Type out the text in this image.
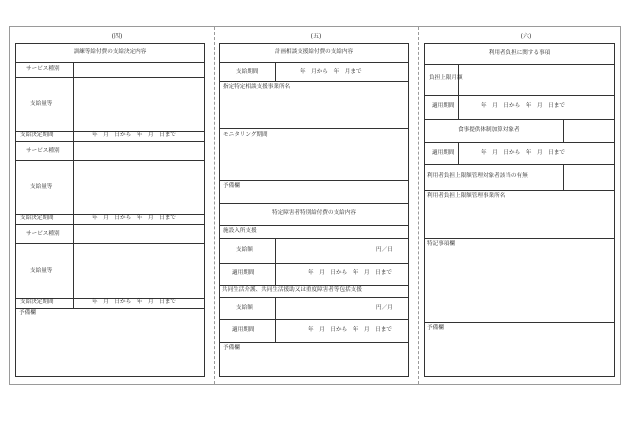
(四)
訓練等給付費の支給決定内容
サービス種別
支給量等
支給決定期間	年　月　日から　年　月　日まで
サービス種別
支給量等
支給決定期間	年　月　日から　年　月　日まで
サービス種別
支給量等
支給決定期間	年　月　日から　年　月　日まで
予備欄
(五)
計画相談支援給付費の支給内容
支給期間	年　月から　年　月まで
指定特定相談支援事業所名
モニタリング期間
予備欄
特定障害者特別給付費の支給内容
施設入所支援
支給額	円／日
適用期間	年　月　日から　年　月　日まで
共同生活介護、共同生活援助又は重度障害者等包括支援
支給額	円／月
適用期間	年　月　日から　年　月　日まで
予備欄
(六)
利用者負担に関する事項
負担上限月額
適用期間	年　月　日から　年　月　日まで
食事提供体制加算対象者
適用期間	年　月　日から　年　月　日まで
利用者負担上限額管理対象者該当の有無
利用者負担上限額管理事業所名
特記事項欄
予備欄
